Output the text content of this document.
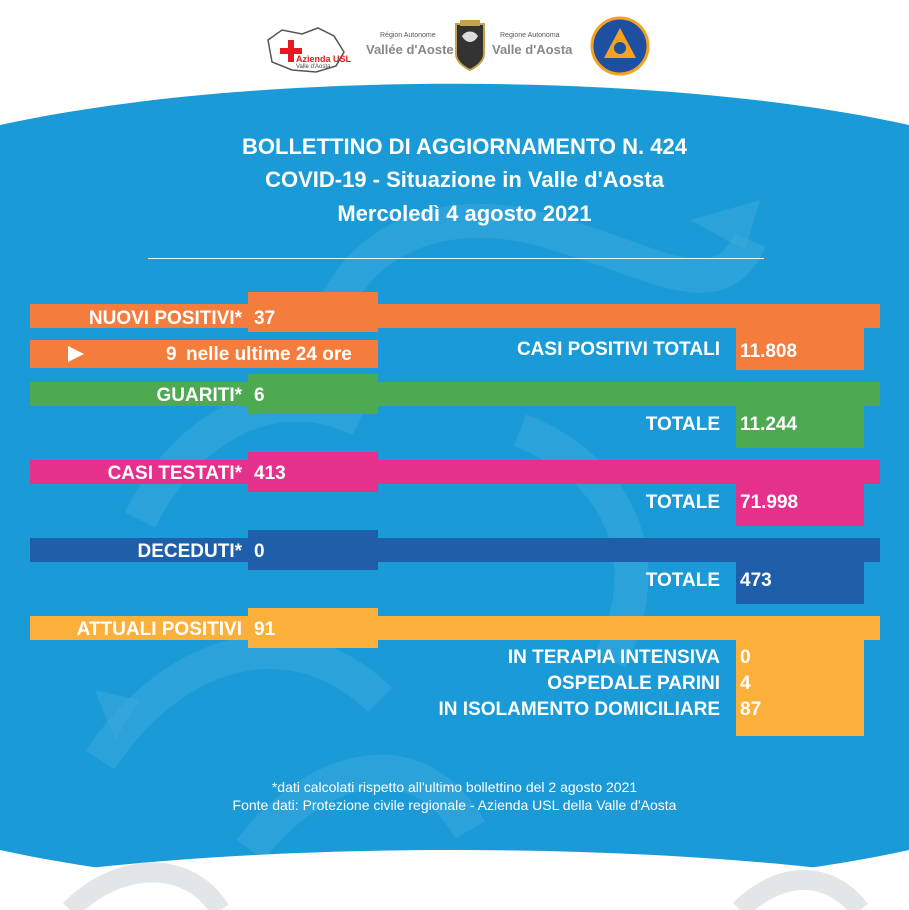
Azienda USL
Valle d'Aosta
Région Autonome
Vallée d'Aoste
Regione Autonoma
Valle d'Aosta
BOLLETTINO DI AGGIORNAMENTO N. 424
COVID-19 - Situazione in Valle d'Aosta
Mercoledì 4 agosto 2021
NUOVI POSITIVI* 37
9 nelle ultime 24 ore	CASI POSITIVI TOTALI 11.808
GUARITI* 6
TOTALE 11.244
CASI TESTATI* 413
TOTALE 71.998
DECEDUTI* 0
TOTALE 473
ATTUALI POSITIVI 91
IN TERAPIA INTENSIVA 0
OSPEDALE PARINI 4
IN ISOLAMENTO DOMICILIARE 87
*dati calcolati rispetto all'ultimo bollettino del 2 agosto 2021
Fonte dati: Protezione civile regionale - Azienda USL della Valle d'Aosta
